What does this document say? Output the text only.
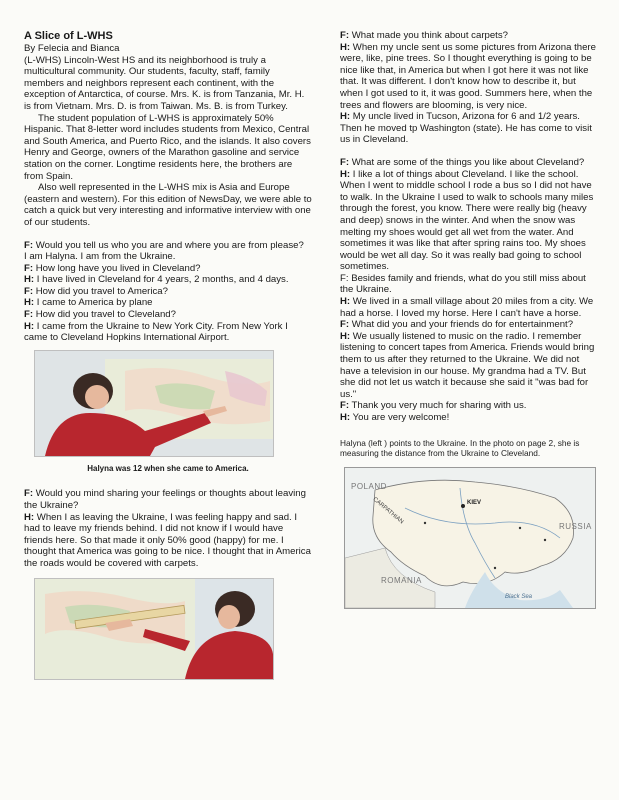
A Slice of L-WHS

By Felecia and Bianca

(L-WHS) Lincoln-West HS and its neighborhood is truly a multicultural community. Our students, faculty, staff, family members and neighbors represent each continent, with the exception of Antarctica, of course. Mrs. K. is from Tanzania, Mr. H. is from Vietnam. Mrs. D. is from Taiwan. Ms. B. is from Turkey.

The student population of L-WHS is approximately 50% Hispanic. That 8-letter word includes students from Mexico, Central and South America, and Puerto Rico, and the islands. It also covers Henry and George, owners of the Marathon gasoline and service station on the corner. Longtime residents here, the brothers are from Spain.

Also well represented in the L-WHS mix is Asia and Europe (eastern and western). For this edition of NewsDay, we were able to catch a quick but very interesting and informative interview with one of our students.

F: Would you tell us who you are and where you are from please?

I am Halyna. I am from the Ukraine.

F: How long have you lived in Cleveland?

H: I have lived in Cleveland for 4 years, 2 months, and 4 days.

F: How did you travel to America?

H: I came to America by plane

F: How did you travel to Cleveland?

H: I came from the Ukraine to New York City. From New York I came to Cleveland Hopkins International Airport.

Halyna was 12 when she came to America.

F: Would you mind sharing your feelings or thoughts about leaving the Ukraine?

H: When I as leaving the Ukraine, I was feeling happy and sad. I had to leave my friends behind. I did not know if I would have friends here. So that made it only 50% good (happy) for me. I thought that America was going to be nice. I thought that in America the roads would be covered with carpets.

F: What made you think about carpets?

H: When my uncle sent us some pictures from Arizona there were, like, pine trees. So I thought everything is going to be nice like that, in America but when I got here it was not like that. It was different. I don't know how to describe it, but when I got used to it, it was good. Summers here, when the trees and flowers are blooming, is very nice.

H: My uncle lived in Tucson, Arizona for 6 and 1/2 years. Then he moved tp Washington (state). He has come to visit us in Cleveland.

F: What are some of the things you like about Cleveland?

H: I like a lot of things about Cleveland. I like the school. When I went to middle school I rode a bus so I did not have to walk. In the Ukraine I used to walk to schools many miles through the forest, you know. There were really big (heavy and deep) snows in the winter. And when the snow was melting my shoes would get all wet from the water. And sometimes it was like that after spring rains too. My shoes would be wet all day. So it was really bad going to school sometimes.

F: Besides family and friends, what do you still miss about the Ukraine.

H: We lived in a small village about 20 miles from a city. We had a horse. I loved my horse. Here I can't have a horse.

F: What did you and your friends do for entertainment?

H: We usually listened to music on the radio. I remember listening to concert tapes from America. Friends would bring them to us after they returned to the Ukraine. We did not have a television in our house. My grandma had a TV. But she did not let us watch it because she said it "was bad for us."

F: Thank you very much for sharing with us.

H: You are very welcome!

Halyna (left ) points to the Ukraine. In the photo on page 2, she is measuring the distance from the Ukraine to Cleveland.

POLAND
RUSSIA
ROMANIA
KIEV
CARPATHIAN
Black Sea
